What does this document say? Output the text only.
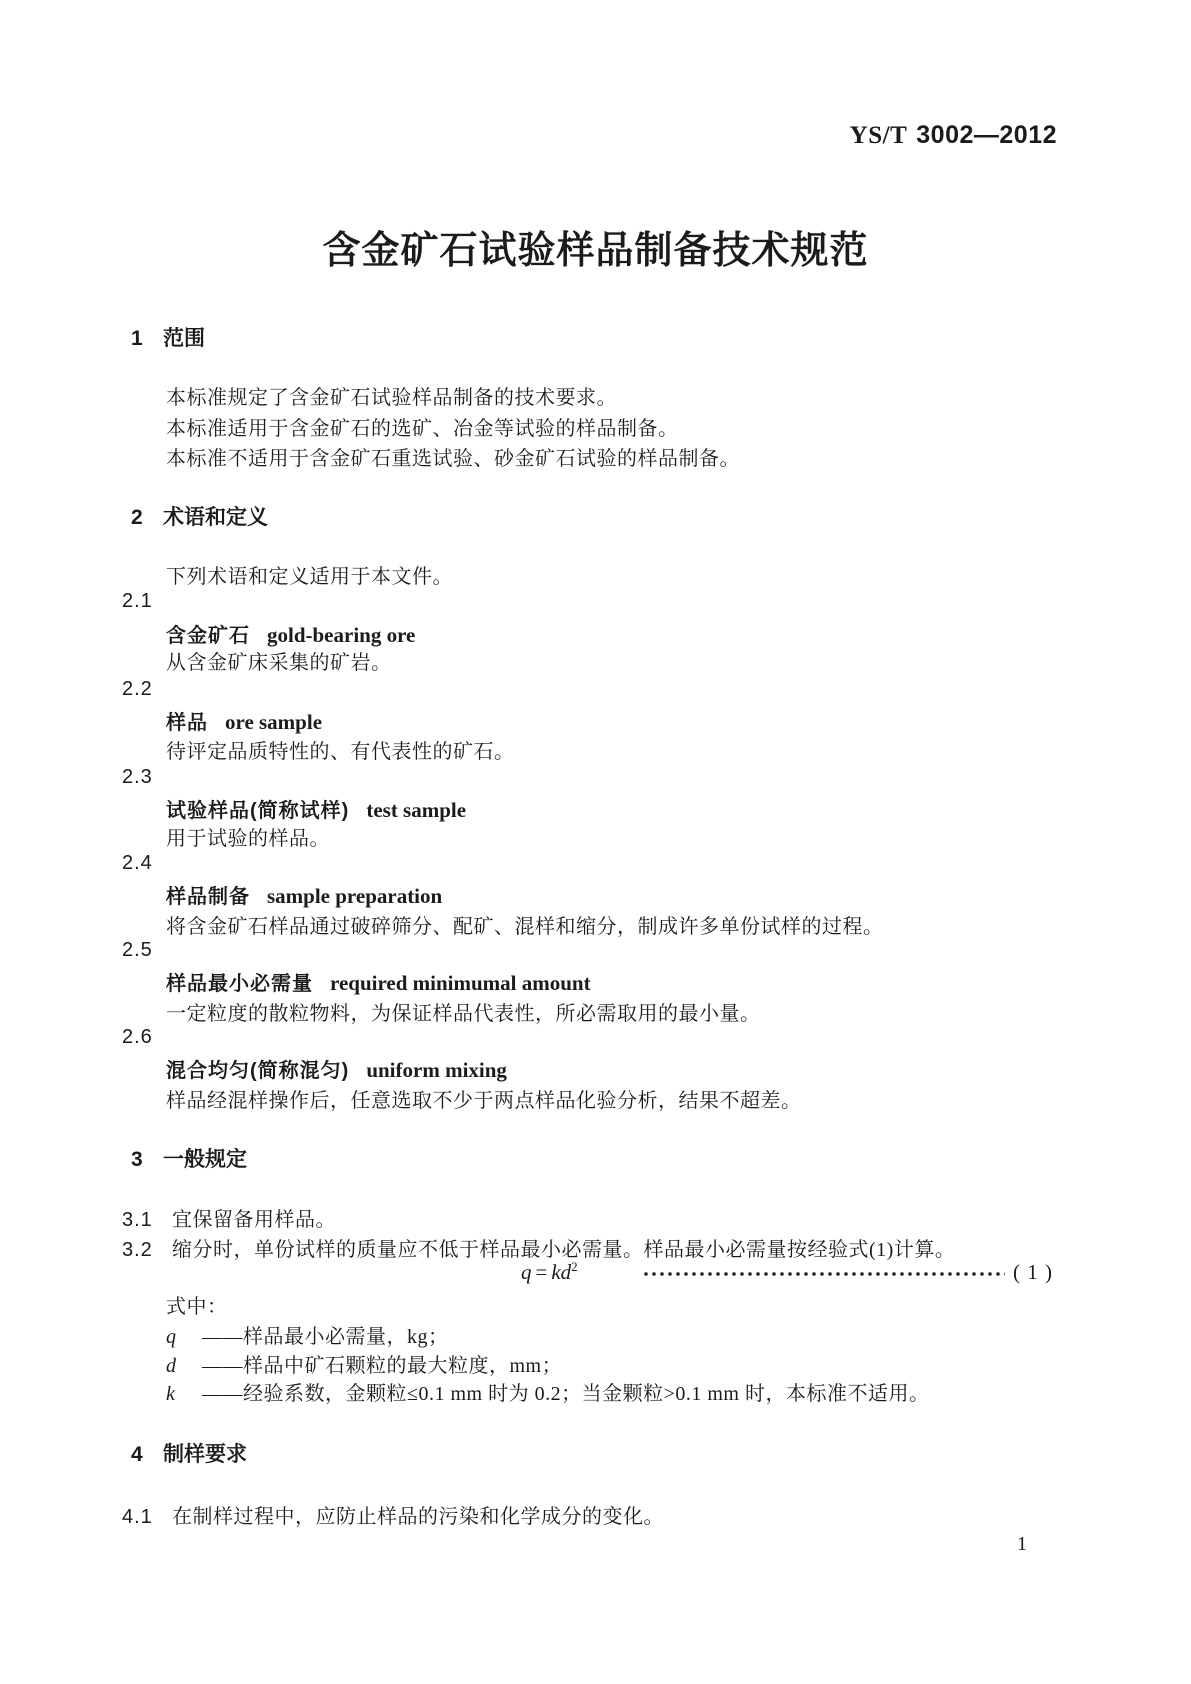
YS/T 3002—2012
含金矿石试验样品制备技术规范
1 范围
本标准规定了含金矿石试验样品制备的技术要求。
本标准适用于含金矿石的选矿、冶金等试验的样品制备。
本标准不适用于含金矿石重选试验、砂金矿石试验的样品制备。
2 术语和定义
下列术语和定义适用于本文件。
2.1
含金矿石 gold-bearing ore
从含金矿床采集的矿岩。
2.2
样品 ore sample
待评定品质特性的、有代表性的矿石。
2.3
试验样品(简称试样) test sample
用于试验的样品。
2.4
样品制备 sample preparation
将含金矿石样品通过破碎筛分、配矿、混样和缩分，制成许多单份试样的过程。
2.5
样品最小必需量 required minimumal amount
一定粒度的散粒物料，为保证样品代表性，所必需取用的最小量。
2.6
混合均匀(简称混匀) uniform mixing
样品经混样操作后，任意选取不少于两点样品化验分析，结果不超差。
3 一般规定
3.1 宜保留备用样品。
3.2 缩分时，单份试样的质量应不低于样品最小必需量。样品最小必需量按经验式(1)计算。
$q = kd^2$	( 1 )
式中：
q ——样品最小必需量，kg；
d ——样品中矿石颗粒的最大粒度，mm；
k ——经验系数，金颗粒≤0.1 mm 时为 0.2；当金颗粒>0.1 mm 时，本标准不适用。
4 制样要求
4.1 在制样过程中，应防止样品的污染和化学成分的变化。
1
